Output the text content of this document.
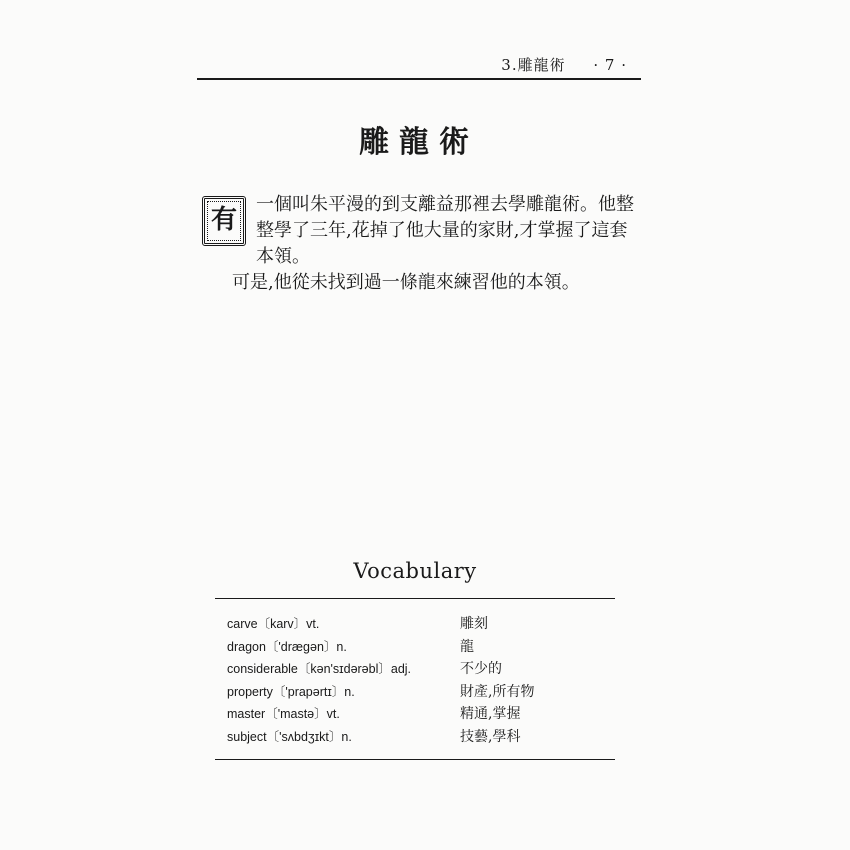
3.雕龍術 · 7 ·
雕龍術
有

一個叫朱平漫的到支離益那裡去學雕龍術。他整整學了三年,花掉了他大量的家財,才掌握了這套本領。

可是,他從未找到過一條龍來練習他的本領。

Vocabulary
carve〔karv〕vt.	雕刻
dragon〔'drægən〕n.	龍
considerable〔kən'sɪdərəbl〕adj.	不少的
property〔'prapərtɪ〕n.	財產,所有物
master〔'mastə〕vt.	精通,掌握
subject〔'sʌbdʒɪkt〕n.	技藝,學科
